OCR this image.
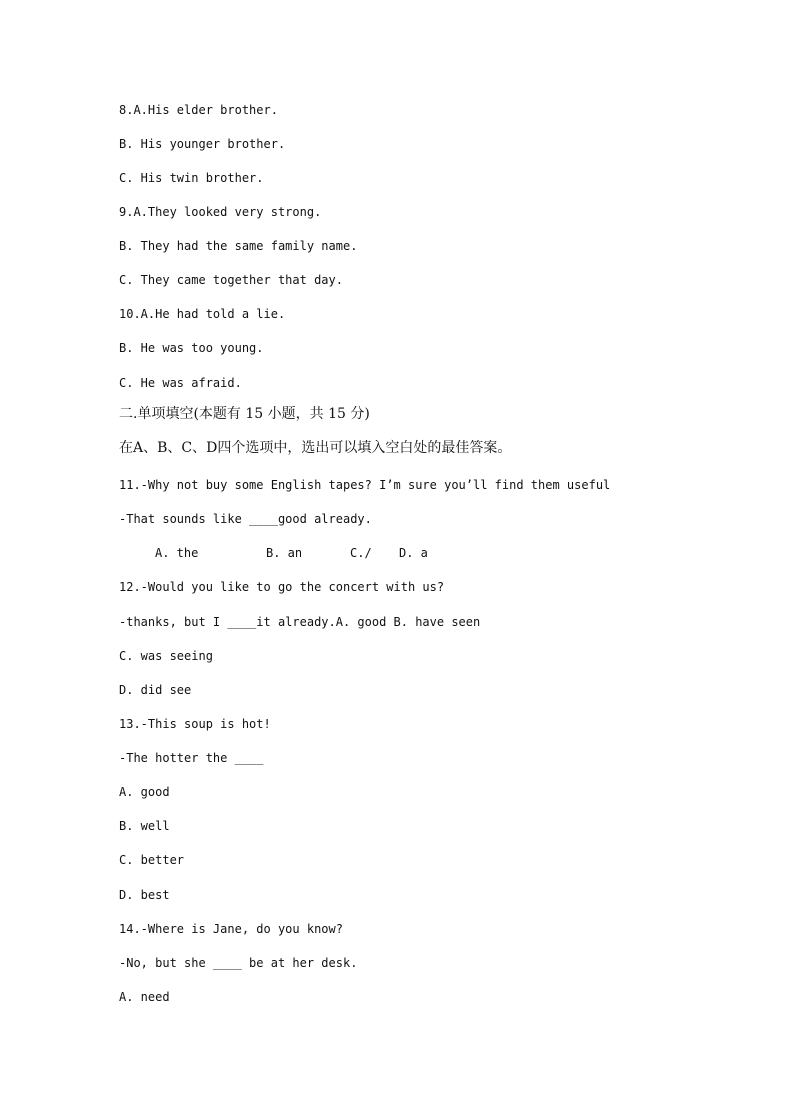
8.A.His elder brother.
B. His younger brother.
C. His twin brother.
9.A.They looked very strong.
B. They had the same family name.
C. They came together that day.
10.A.He had told a lie.
B. He was too young.
C. He was afraid.
二.单项填空(本题有 15 小题，共 15 分)
在A、B、C、D四个选项中，选出可以填入空白处的最佳答案。
11.-Why not buy some English tapes? I’m sure you’ll find them useful
-That sounds like ____good already.
A. the	B. an	C./ D. a
12.-Would you like to go the concert with us?
-thanks, but I ____it already.A. good B. have seen
C. was seeing
D. did see
13.-This soup is hot!
-The hotter the ____
A. good
B. well
C. better
D. best
14.-Where is Jane, do you know?
-No, but she ____ be at her desk.
A. need
